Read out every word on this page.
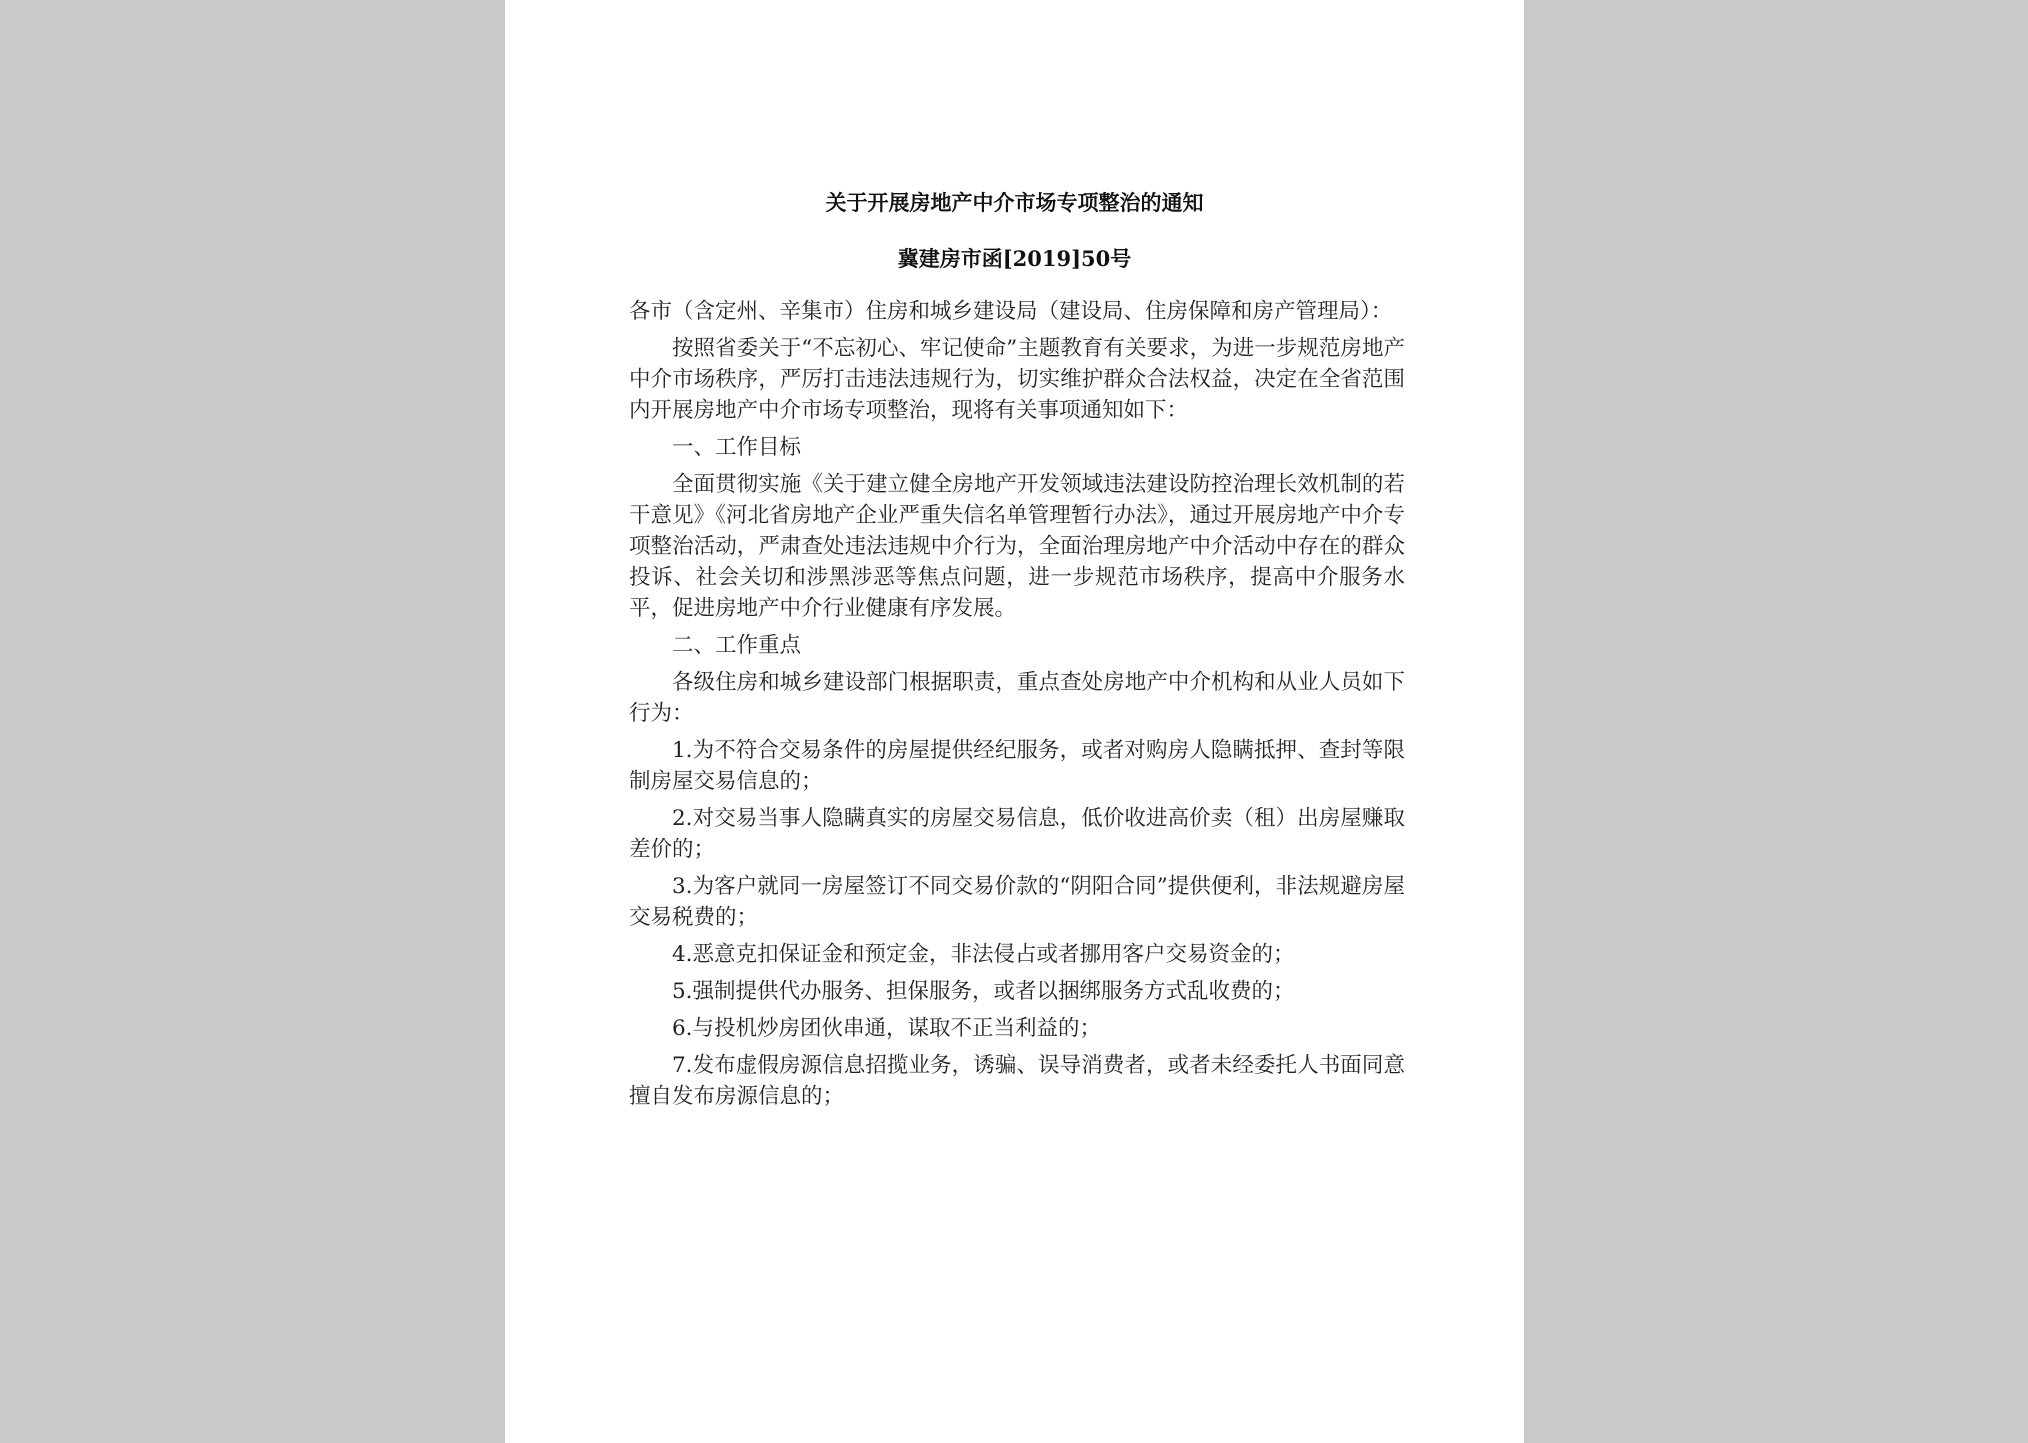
关于开展房地产中介市场专项整治的通知
冀建房市函[2019]50号

各市（含定州、辛集市）住房和城乡建设局（建设局、住房保障和房产管理局）：

按照省委关于“不忘初心、牢记使命”主题教育有关要求，为进一步规范房地产中介市场秩序，严厉打击违法违规行为，切实维护群众合法权益，决定在全省范围内开展房地产中介市场专项整治，现将有关事项通知如下：

一、工作目标

全面贯彻实施《关于建立健全房地产开发领域违法建设防控治理长效机制的若干意见》《河北省房地产企业严重失信名单管理暂行办法》，通过开展房地产中介专项整治活动，严肃查处违法违规中介行为，全面治理房地产中介活动中存在的群众投诉、社会关切和涉黑涉恶等焦点问题，进一步规范市场秩序，提高中介服务水平，促进房地产中介行业健康有序发展。

二、工作重点

各级住房和城乡建设部门根据职责，重点查处房地产中介机构和从业人员如下行为：

1.为不符合交易条件的房屋提供经纪服务，或者对购房人隐瞒抵押、查封等限制房屋交易信息的；

2.对交易当事人隐瞒真实的房屋交易信息，低价收进高价卖（租）出房屋赚取差价的；

3.为客户就同一房屋签订不同交易价款的“阴阳合同”提供便利，非法规避房屋交易税费的；

4.恶意克扣保证金和预定金，非法侵占或者挪用客户交易资金的；

5.强制提供代办服务、担保服务，或者以捆绑服务方式乱收费的；

6.与投机炒房团伙串通，谋取不正当利益的；

7.发布虚假房源信息招揽业务，诱骗、误导消费者，或者未经委托人书面同意擅自发布房源信息的；
